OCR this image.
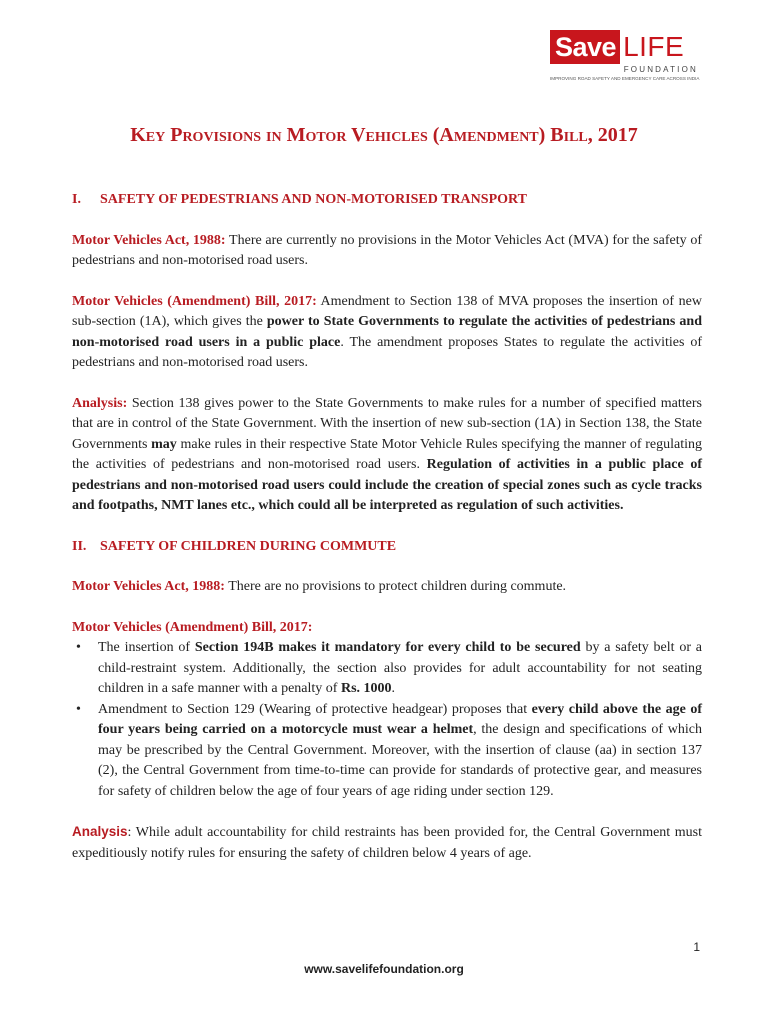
Save LIFE
FOUNDATION
IMPROVING ROAD SAFETY AND EMERGENCY CARE ACROSS INDIA
Key Provisions in Motor Vehicles (Amendment) Bill, 2017
I. SAFETY OF PEDESTRIANS AND NON-MOTORISED TRANSPORT

Motor Vehicles Act, 1988: There are currently no provisions in the Motor Vehicles Act (MVA) for the safety of pedestrians and non-motorised road users.

Motor Vehicles (Amendment) Bill, 2017: Amendment to Section 138 of MVA proposes the insertion of new sub-section (1A), which gives the power to State Governments to regulate the activities of pedestrians and non-motorised road users in a public place. The amendment proposes States to regulate the activities of pedestrians and non-motorised road users.

Analysis: Section 138 gives power to the State Governments to make rules for a number of specified matters that are in control of the State Government. With the insertion of new sub-section (1A) in Section 138, the State Governments may make rules in their respective State Motor Vehicle Rules specifying the manner of regulating the activities of pedestrians and non-motorised road users. Regulation of activities in a public place of pedestrians and non-motorised road users could include the creation of special zones such as cycle tracks and footpaths, NMT lanes etc., which could all be interpreted as regulation of such activities.

II. SAFETY OF CHILDREN DURING COMMUTE

Motor Vehicles Act, 1988: There are no provisions to protect children during commute.

Motor Vehicles (Amendment) Bill, 2017:

• The insertion of Section 194B makes it mandatory for every child to be secured by a safety belt or a child-restraint system. Additionally, the section also provides for adult accountability for not seating children in a safe manner with a penalty of Rs. 1000.
• Amendment to Section 129 (Wearing of protective headgear) proposes that every child above the age of four years being carried on a motorcycle must wear a helmet, the design and specifications of which may be prescribed by the Central Government. Moreover, with the insertion of clause (aa) in section 137 (2), the Central Government from time-to-time can provide for standards of protective gear, and measures for safety of children below the age of four years of age riding under section 129.

Analysis: While adult accountability for child restraints has been provided for, the Central Government must expeditiously notify rules for ensuring the safety of children below 4 years of age.

1
www.savelifefoundation.org
